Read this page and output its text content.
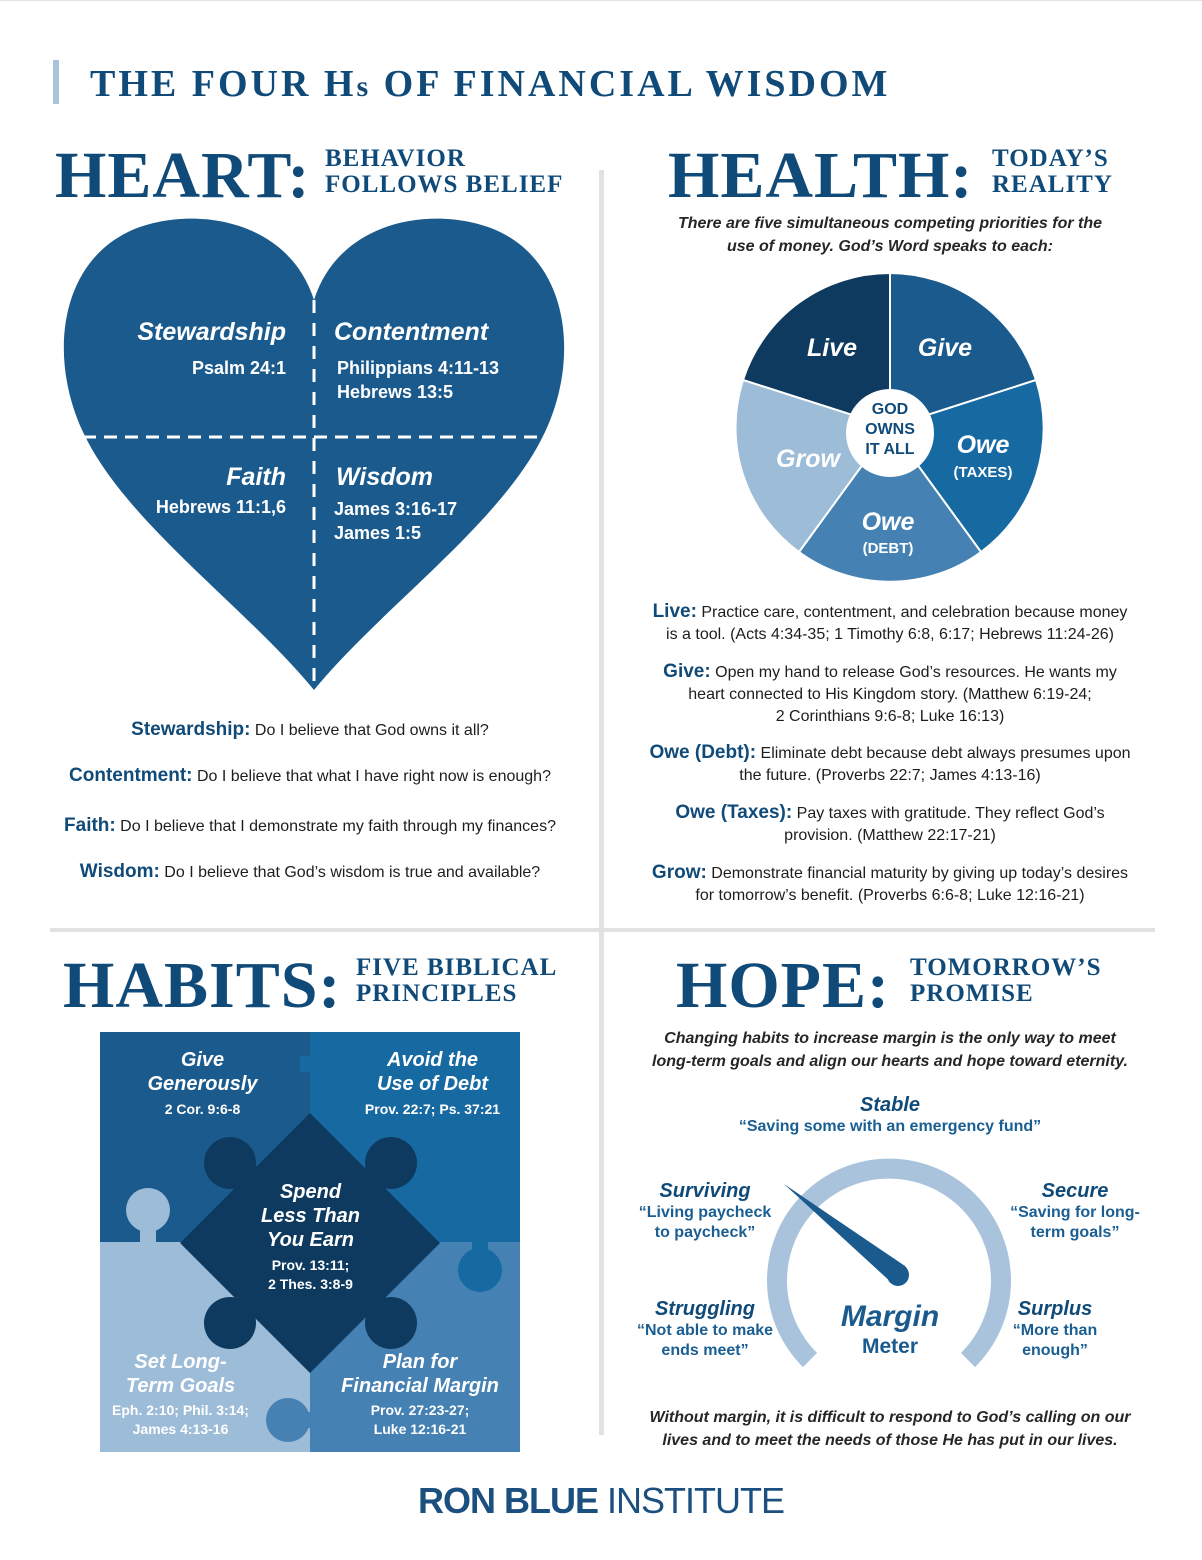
THE FOUR Hs OF FINANCIAL WISDOM
HEART: BEHAVIOR
FOLLOWS BELIEF
Stewardship
Psalm 24:1
Contentment
Philippians 4:11-13
Hebrews 13:5
Faith
Hebrews 11:1,6
Wisdom
James 3:16-17
James 1:5
Stewardship: Do I believe that God owns it all?
Contentment: Do I believe that what I have right now is enough?
Faith: Do I believe that I demonstrate my faith through my finances?
Wisdom: Do I believe that God’s wisdom is true and available?
HEALTH: TODAY’S
REALITY
There are five simultaneous competing priorities for the
use of money. God’s Word speaks to each:
GOD
OWNS
IT ALL
Live	Give
Owe
(TAXES)
Owe
(DEBT)
Grow
Live: Practice care, contentment, and celebration because money
is a tool. (Acts 4:34-35; 1 Timothy 6:8, 6:17; Hebrews 11:24-26)
Give: Open my hand to release God’s resources. He wants my
heart connected to His Kingdom story. (Matthew 6:19-24;
2 Corinthians 9:6-8; Luke 16:13)
Owe (Debt): Eliminate debt because debt always presumes upon
the future. (Proverbs 22:7; James 4:13-16)
Owe (Taxes): Pay taxes with gratitude. They reflect God’s
provision. (Matthew 22:17-21)
Grow: Demonstrate financial maturity by giving up today’s desires
for tomorrow’s benefit. (Proverbs 6:6-8; Luke 12:16-21)
HABITS: FIVE BIBLICAL
PRINCIPLES
Give
Generously
2 Cor. 9:6-8
Avoid the
Use of Debt
Prov. 22:7; Ps. 37:21
Set Long-
Term Goals
Eph. 2:10; Phil. 3:14;
James 4:13-16
Plan for
Financial Margin
Prov. 27:23-27;
Luke 12:16-21
Spend
Less Than
You Earn
Prov. 13:11;
2 Thes. 3:8-9
HOPE: TOMORROW’S
PROMISE
Changing habits to increase margin is the only way to meet
long-term goals and align our hearts and hope toward eternity.
Margin
Meter
Stable
“Saving some with an emergency fund”
Surviving
“Living paycheck
to paycheck”
Secure
“Saving for long-
term goals”
Struggling
“Not able to make
ends meet”
Surplus
“More than
enough”
Without margin, it is difficult to respond to God’s calling on our
lives and to meet the needs of those He has put in our lives.
RON BLUE INSTITUTE
